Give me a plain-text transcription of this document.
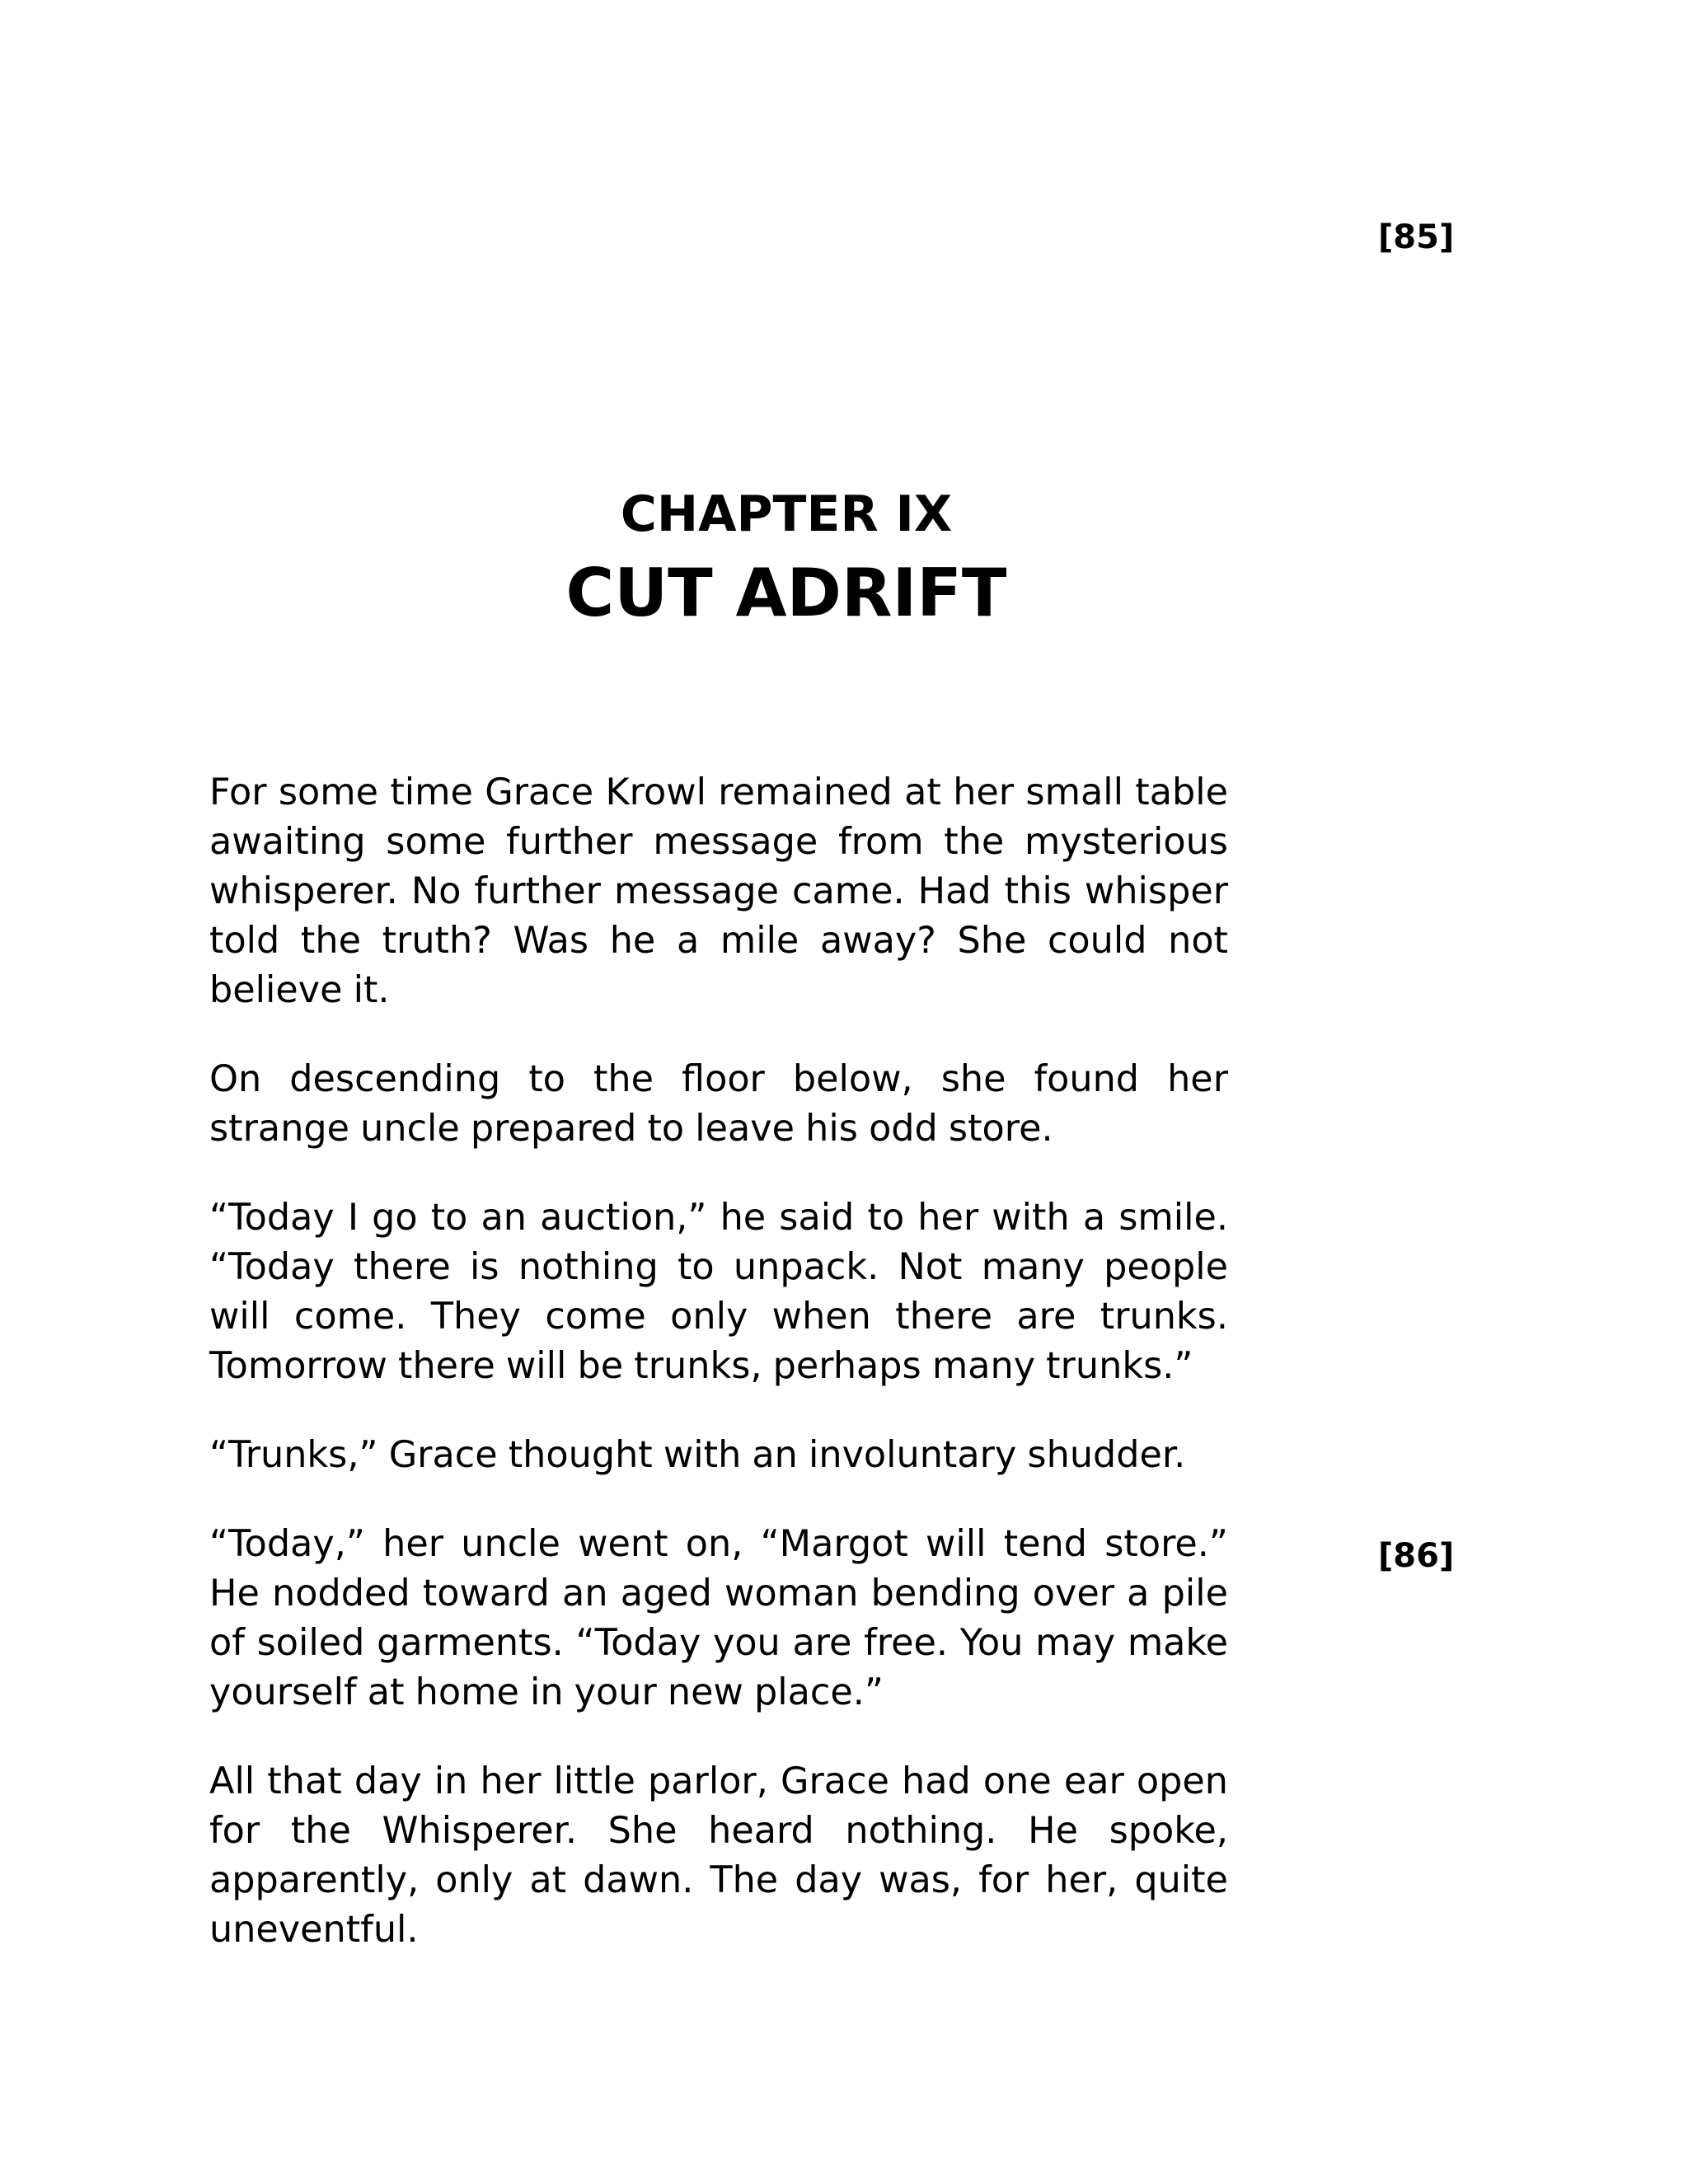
[85]
CHAPTER IX
CUT ADRIFT

For some time Grace Krowl remained at her small table awaiting some further message from the mysterious whisperer. No further message came. Had this whisper told the truth? Was he a mile away? She could not believe it.

On descending to the floor below, she found her strange uncle prepared to leave his odd store.

“Today I go to an auction,” he said to her with a smile. “Today there is nothing to unpack. Not many people will come. They come only when there are trunks. Tomorrow there will be trunks, perhaps many trunks.”

“Trunks,” Grace thought with an involuntary shudder.

“Today,” her uncle went on, “Margot will tend store.” He nodded toward an aged woman bending over a pile of soiled garments. “Today you are free. You may make yourself at home in your new place.”

All that day in her little parlor, Grace had one ear open for the Whisperer. She heard nothing. He spoke, apparently, only at dawn. The day was, for her, quite uneventful.

[86]
